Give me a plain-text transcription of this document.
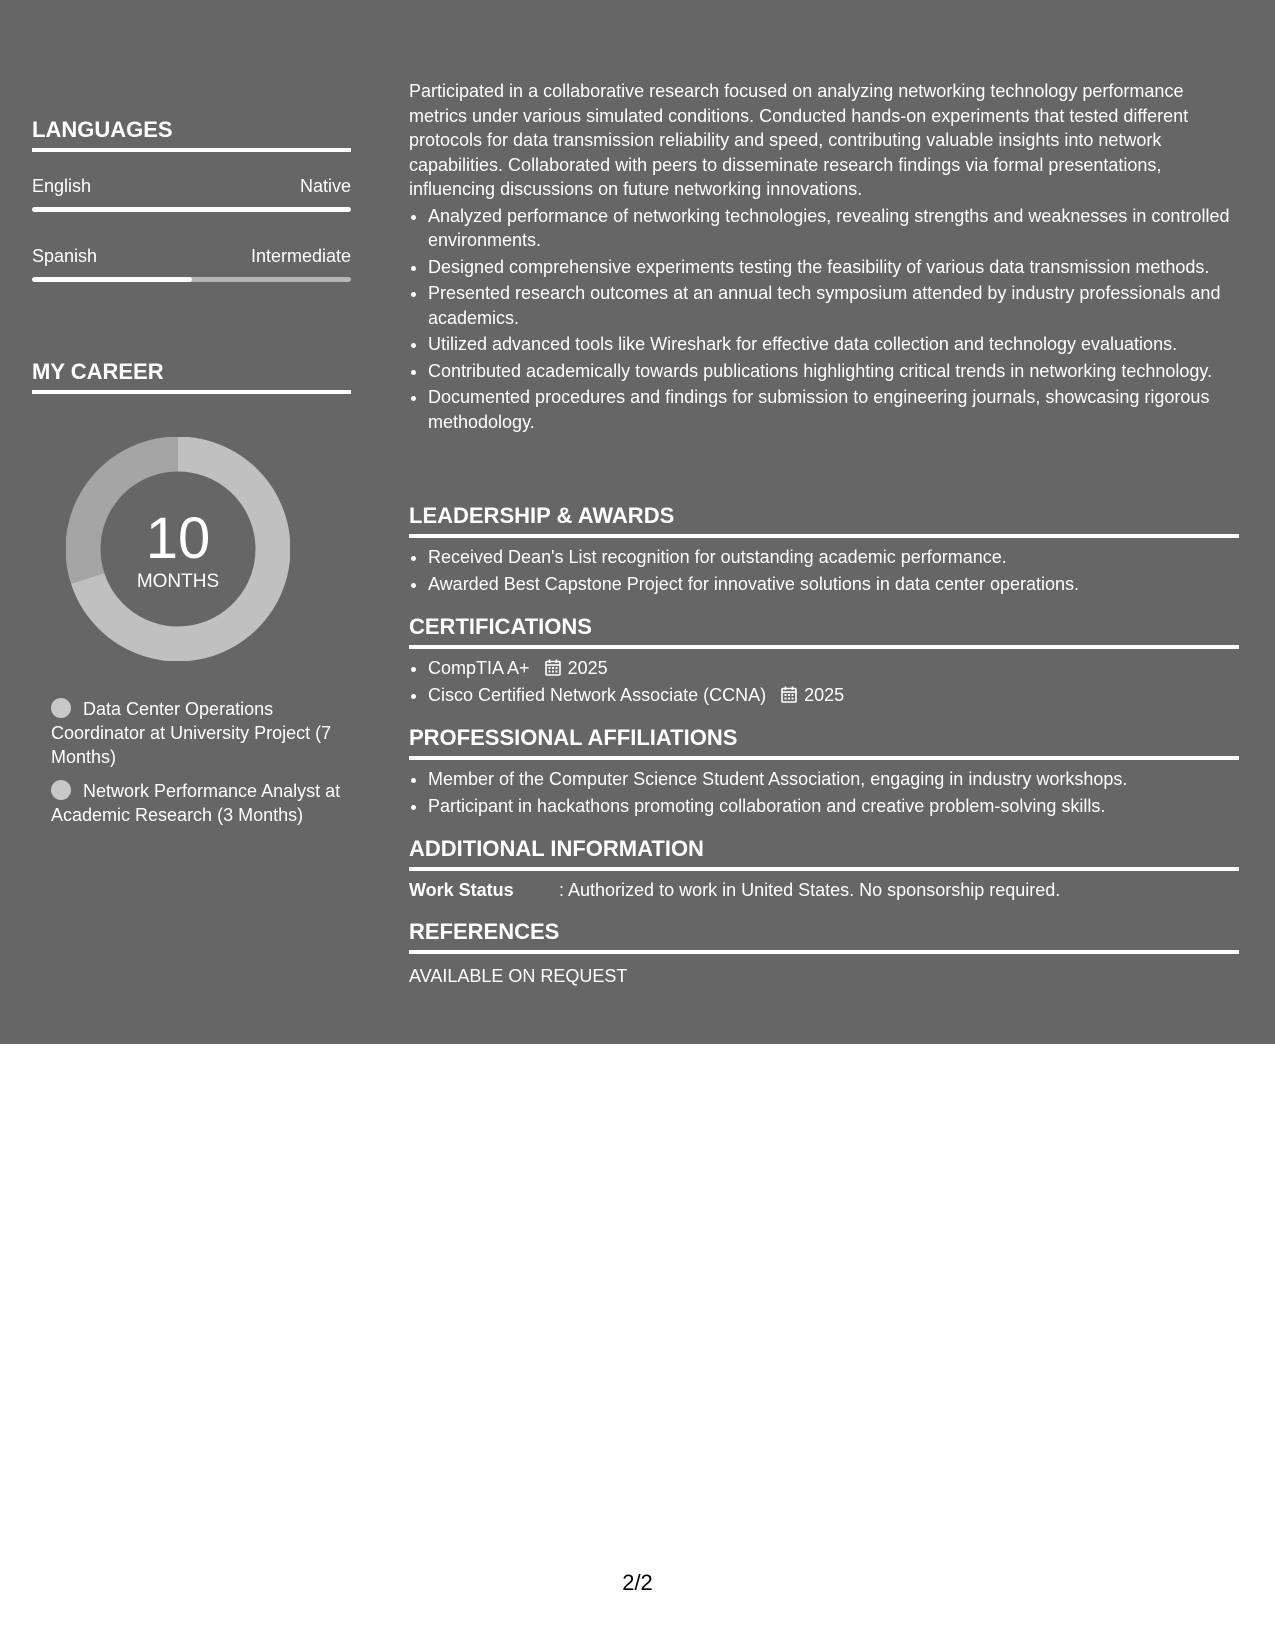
LANGUAGES
English	Native
Spanish	Intermediate
MY CAREER
10
MONTHS
Data Center Operations Coordinator at University Project (7 Months)
Network Performance Analyst at Academic Research (3 Months)

Participated in a collaborative research focused on analyzing networking technology performance metrics under various simulated conditions. Conducted hands-on experiments that tested different protocols for data transmission reliability and speed, contributing valuable insights into network capabilities. Collaborated with peers to disseminate research findings via formal presentations, influencing discussions on future networking innovations.

• Analyzed performance of networking technologies, revealing strengths and weaknesses in controlled environments.
• Designed comprehensive experiments testing the feasibility of various data transmission methods.
• Presented research outcomes at an annual tech symposium attended by industry professionals and academics.
• Utilized advanced tools like Wireshark for effective data collection and technology evaluations.
• Contributed academically towards publications highlighting critical trends in networking technology.
• Documented procedures and findings for submission to engineering journals, showcasing rigorous methodology.
LEADERSHIP & AWARDS
• Received Dean's List recognition for outstanding academic performance.
• Awarded Best Capstone Project for innovative solutions in data center operations.
CERTIFICATIONS
• CompTIA A+ 2025
• Cisco Certified Network Associate (CCNA) 2025
PROFESSIONAL AFFILIATIONS
• Member of the Computer Science Student Association, engaging in industry workshops.
• Participant in hackathons promoting collaboration and creative problem-solving skills.
ADDITIONAL INFORMATION
Work Status	: Authorized to work in United States. No sponsorship required.
REFERENCES
AVAILABLE ON REQUEST
2/2
